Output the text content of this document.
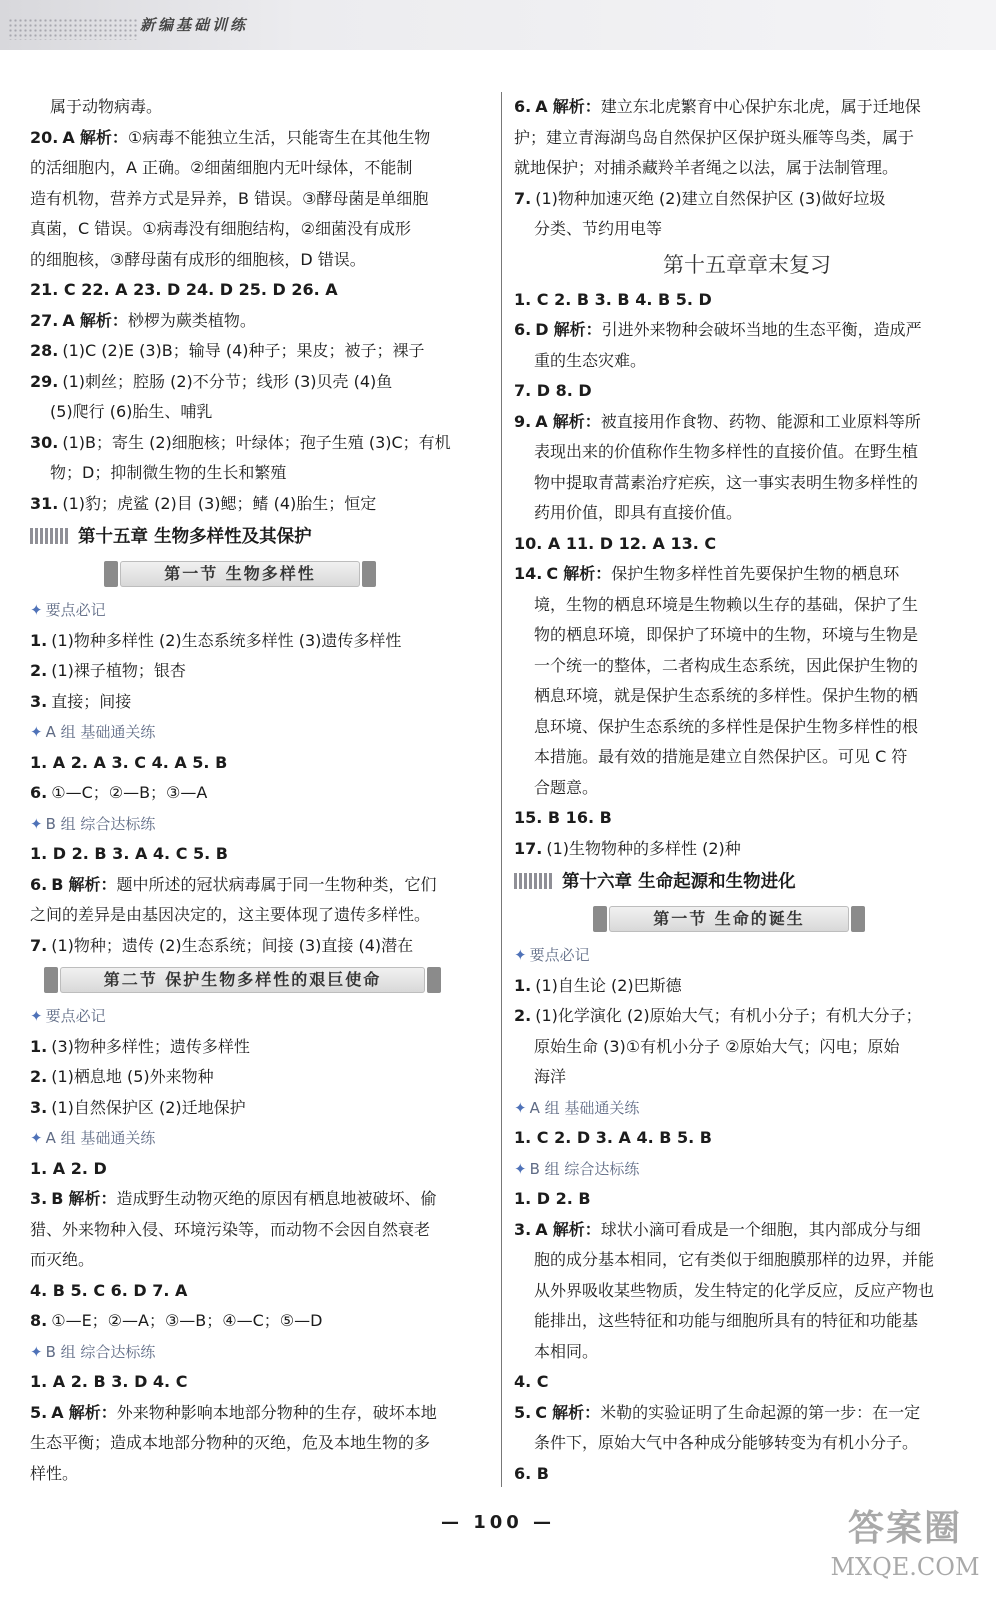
新编基础训练
属于动物病毒。
20. A 解析：①病毒不能独立生活，只能寄生在其他生物
的活细胞内，A 正确。②细菌细胞内无叶绿体，不能制
造有机物，营养方式是异养，B 错误。③酵母菌是单细胞
真菌，C 错误。①病毒没有细胞结构，②细菌没有成形
的细胞核，③酵母菌有成形的细胞核，D 错误。
21. C 22. A 23. D 24. D 25. D 26. A
27. A 解析：桫椤为蕨类植物。
28. (1)C (2)E (3)B；输导 (4)种子；果皮；被子；裸子
29. (1)刺丝；腔肠 (2)不分节；线形 (3)贝壳 (4)鱼
(5)爬行 (6)胎生、哺乳
30. (1)B；寄生 (2)细胞核；叶绿体；孢子生殖 (3)C；有机
物；D；抑制微生物的生长和繁殖
31. (1)豹；虎鲨 (2)目 (3)鳃；鳍 (4)胎生；恒定
第十五章 生物多样性及其保护
第一节 生物多样性
✦ 要点必记
1. (1)物种多样性 (2)生态系统多样性 (3)遗传多样性
2. (1)裸子植物；银杏
3. 直接；间接
✦ A 组 基础通关练
1. A 2. A 3. C 4. A 5. B
6. ①—C；②—B；③—A
✦ B 组 综合达标练
1. D 2. B 3. A 4. C 5. B
6. B 解析：题中所述的冠状病毒属于同一生物种类，它们
之间的差异是由基因决定的，这主要体现了遗传多样性。
7. (1)物种；遗传 (2)生态系统；间接 (3)直接 (4)潜在
第二节 保护生物多样性的艰巨使命
✦ 要点必记
1. (3)物种多样性；遗传多样性
2. (1)栖息地 (5)外来物种
3. (1)自然保护区 (2)迁地保护
✦ A 组 基础通关练
1. A 2. D
3. B 解析：造成野生动物灭绝的原因有栖息地被破坏、偷
猎、外来物种入侵、环境污染等，而动物不会因自然衰老
而灭绝。
4. B 5. C 6. D 7. A
8. ①—E；②—A；③—B；④—C；⑤—D
✦ B 组 综合达标练
1. A 2. B 3. D 4. C
5. A 解析：外来物种影响本地部分物种的生存，破坏本地
生态平衡；造成本地部分物种的灭绝，危及本地生物的多
样性。
6. A 解析：建立东北虎繁育中心保护东北虎，属于迁地保
护；建立青海湖鸟岛自然保护区保护斑头雁等鸟类，属于
就地保护；对捕杀藏羚羊者绳之以法，属于法制管理。
7. (1)物种加速灭绝 (2)建立自然保护区 (3)做好垃圾
分类、节约用电等
第十五章章末复习
1. C 2. B 3. B 4. B 5. D
6. D 解析：引进外来物种会破坏当地的生态平衡，造成严
重的生态灾难。
7. D 8. D
9. A 解析：被直接用作食物、药物、能源和工业原料等所
表现出来的价值称作生物多样性的直接价值。在野生植
物中提取青蒿素治疗疟疾，这一事实表明生物多样性的
药用价值，即具有直接价值。
10. A 11. D 12. A 13. C
14. C 解析：保护生物多样性首先要保护生物的栖息环
境，生物的栖息环境是生物赖以生存的基础，保护了生
物的栖息环境，即保护了环境中的生物，环境与生物是
一个统一的整体，二者构成生态系统，因此保护生物的
栖息环境，就是保护生态系统的多样性。保护生物的栖
息环境、保护生态系统的多样性是保护生物多样性的根
本措施。最有效的措施是建立自然保护区。可见 C 符
合题意。
15. B 16. B
17. (1)生物物种的多样性 (2)种
第十六章 生命起源和生物进化
第一节 生命的诞生
✦ 要点必记
1. (1)自生论 (2)巴斯德
2. (1)化学演化 (2)原始大气；有机小分子；有机大分子；
原始生命 (3)①有机小分子 ②原始大气；闪电；原始
海洋
✦ A 组 基础通关练
1. C 2. D 3. A 4. B 5. B
✦ B 组 综合达标练
1. D 2. B
3. A 解析：球状小滴可看成是一个细胞，其内部成分与细
胞的成分基本相同，它有类似于细胞膜那样的边界，并能
从外界吸收某些物质，发生特定的化学反应，反应产物也
能排出，这些特征和功能与细胞所具有的特征和功能基
本相同。
4. C
5. C 解析：米勒的实验证明了生命起源的第一步：在一定
条件下，原始大气中各种成分能够转变为有机小分子。
6. B
— 100 —	答案圈
MXQE.COM
